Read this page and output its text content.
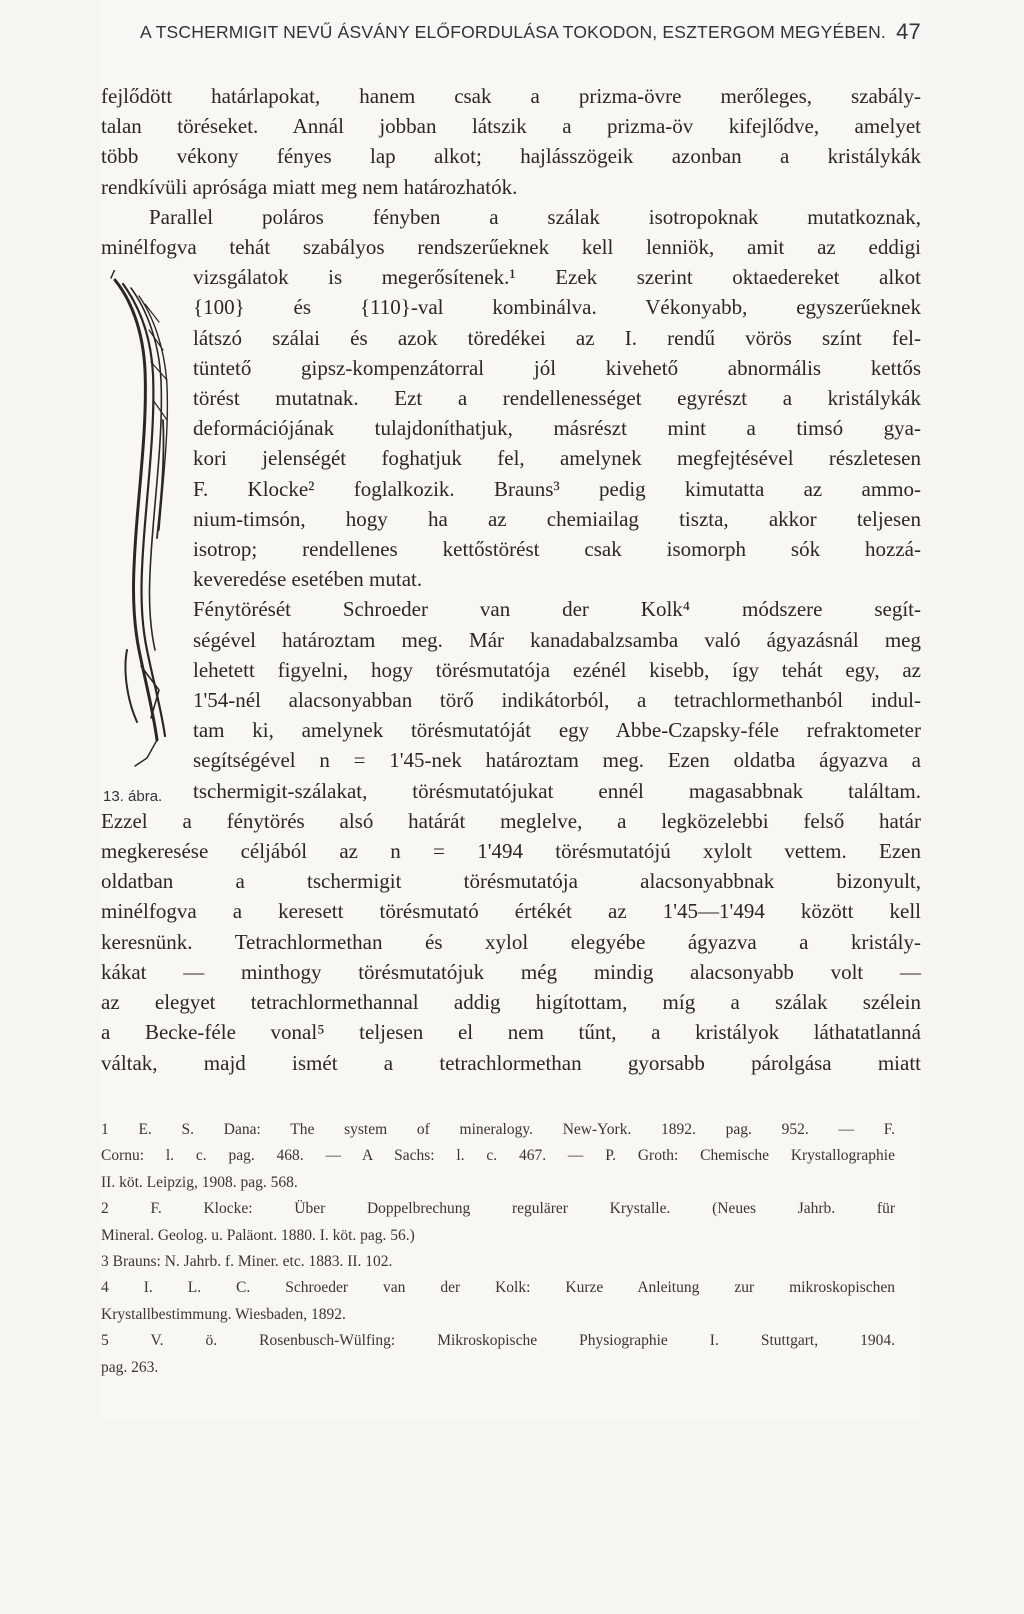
A TSCHERMIGIT NEVŰ ÁSVÁNY ELŐFORDULÁSA TOKODON, ESZTERGOM MEGYÉBEN. 47
fejlődött határlapokat, hanem csak a prizma-övre merőleges, szabály-
talan töréseket. Annál jobban látszik a prizma-öv kifejlődve, amelyet
több vékony fényes lap alkot; hajlásszögeik azonban a kristálykák
rendkívüli aprósága miatt meg nem határozhatók.
Parallel poláros fényben a szálak isotropoknak mutatkoznak,
minélfogva tehát szabályos rendszerűeknek kell lenniök, amit az eddigi
13. ábra.
vizsgálatok is megerősítenek.¹ Ezek szerint oktaedereket alkot
{100} és {110}-val kombinálva. Vékonyabb, egyszerűeknek
látszó szálai és azok töredékei az I. rendű vörös színt fel-
tüntető gipsz-kompenzátorral jól kivehető abnormális kettős
törést mutatnak. Ezt a rendellenességet egyrészt a kristálykák
deformációjának tulajdoníthatjuk, másrészt mint a timsó gya-
kori jelenségét foghatjuk fel, amelynek megfejtésével részletesen
F. Klocke² foglalkozik. Brauns³ pedig kimutatta az ammo-
nium-timsón, hogy ha az chemiailag tiszta, akkor teljesen
isotrop; rendellenes kettőstörést csak isomorph sók hozzá-
keveredése esetében mutat.
Fénytörését Schroeder van der Kolk⁴ módszere segít-
ségével határoztam meg. Már kanadabalzsamba való ágyazásnál meg
lehetett figyelni, hogy törésmutatója ezénél kisebb, így tehát egy, az
1'54-nél alacsonyabban törő indikátorból, a tetrachlormethanból indul-
tam ki, amelynek törésmutatóját egy Abbe-Czapsky-féle refraktometer
segítségével n = 1'45-nek határoztam meg. Ezen oldatba ágyazva a
tschermigit-szálakat, törésmutatójukat ennél magasabbnak találtam.
Ezzel a fénytörés alsó határát meglelve, a legközelebbi felső határ
megkeresése céljából az n = 1'494 törésmutatójú xylolt vettem. Ezen
oldatban a tschermigit törésmutatója alacsonyabbnak bizonyult,
minélfogva a keresett törésmutató értékét az 1'45—1'494 között kell
keresnünk. Tetrachlormethan és xylol elegyébe ágyazva a kristály-
kákat — minthogy törésmutatójuk még mindig alacsonyabb volt —
az elegyet tetrachlormethannal addig higítottam, míg a szálak szélein
a Becke-féle vonal⁵ teljesen el nem tűnt, a kristályok láthatatlanná
váltak, majd ismét a tetrachlormethan gyorsabb párolgása miatt
1 E. S. Dana: The system of mineralogy. New-York. 1892. pag. 952. — F.
Cornu: l. c. pag. 468. — A Sachs: l. c. 467. — P. Groth: Chemische Krystallographie
II. köt. Leipzig, 1908. pag. 568.
2 F. Klocke: Über Doppelbrechung regulärer Krystalle. (Neues Jahrb. für
Mineral. Geolog. u. Paläont. 1880. I. köt. pag. 56.)
3 Brauns: N. Jahrb. f. Miner. etc. 1883. II. 102.
4 I. L. C. Schroeder van der Kolk: Kurze Anleitung zur mikroskopischen
Krystallbestimmung. Wiesbaden, 1892.
5 V. ö. Rosenbusch-Wülfing: Mikroskopische Physiographie I. Stuttgart, 1904.
pag. 263.
